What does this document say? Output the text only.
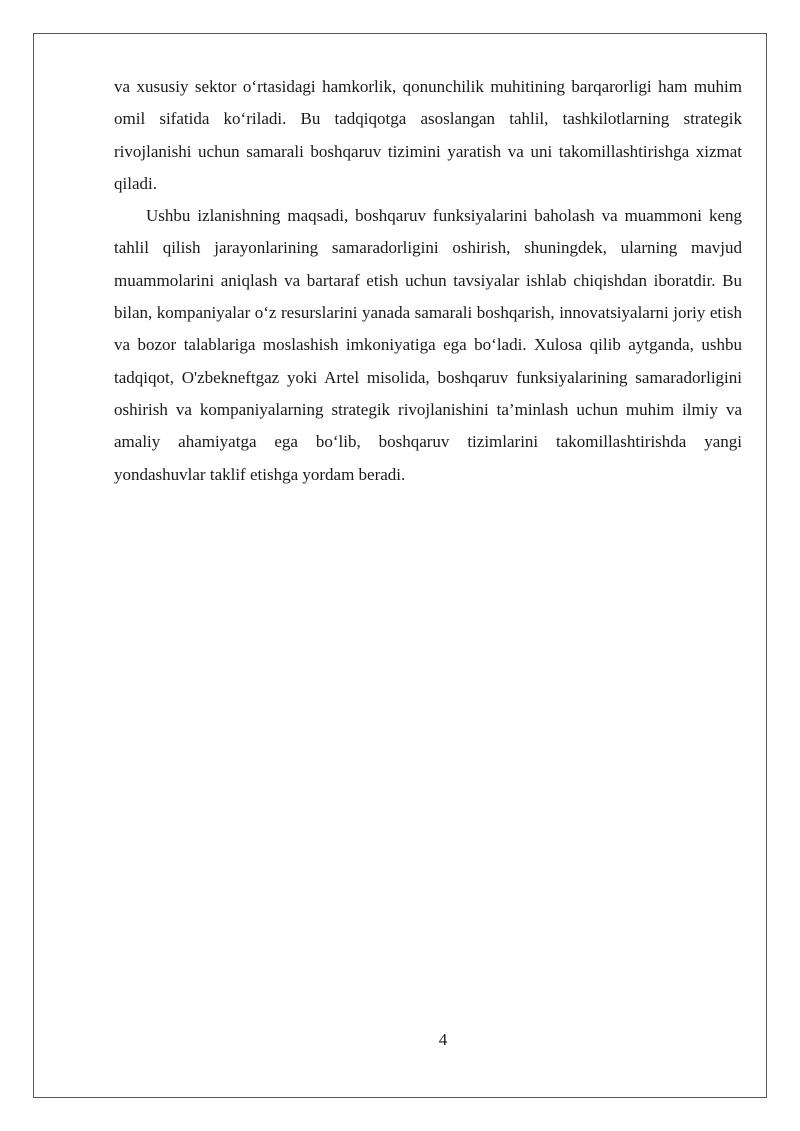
va xususiy sektor o‘rtasidagi hamkorlik, qonunchilik muhitining barqarorligi ham muhim omil sifatida ko‘riladi. Bu tadqiqotga asoslangan tahlil, tashkilotlarning strategik rivojlanishi uchun samarali boshqaruv tizimini yaratish va uni takomillashtirishga xizmat qiladi.

Ushbu izlanishning maqsadi, boshqaruv funksiyalarini baholash va muammoni keng tahlil qilish jarayonlarining samaradorligini oshirish, shuningdek, ularning mavjud muammolarini aniqlash va bartaraf etish uchun tavsiyalar ishlab chiqishdan iboratdir. Bu bilan, kompaniyalar o‘z resurslarini yanada samarali boshqarish, innovatsiyalarni joriy etish va bozor talablariga moslashish imkoniyatiga ega bo‘ladi. Xulosa qilib aytganda, ushbu tadqiqot, O'zbekneftgaz yoki Artel misolida, boshqaruv funksiyalarining samaradorligini oshirish va kompaniyalarning strategik rivojlanishini ta’minlash uchun muhim ilmiy va amaliy ahamiyatga ega bo‘lib, boshqaruv tizimlarini takomillashtirishda yangi yondashuvlar taklif etishga yordam beradi.

4
